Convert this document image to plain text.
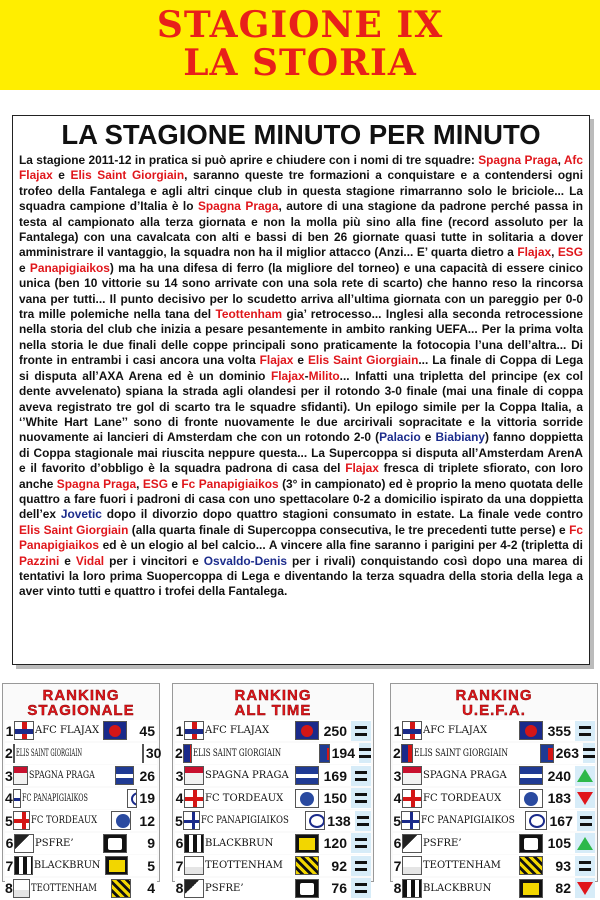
STAGIONE IX
LA STORIA
LA STAGIONE MINUTO PER MINUTO
La stagione 2011-12 in pratica si può aprire e chiudere con i nomi di tre squadre: Spagna Praga, Afc Flajax e Elis Saint Giorgiain, saranno queste tre formazioni a conquistare e a contendersi ogni trofeo della Fantalega e agli altri cinque club in questa stagione rimarranno solo le briciole... La squadra campione d’Italia è lo Spagna Praga, autore di una stagione da padrone perché passa in testa al campionato alla terza giornata e non la molla più sino alla fine (record assoluto per la Fantalega) con una cavalcata con alti e bassi di ben 26 giornate quasi tutte in solitaria a dover amministrare il vantaggio, la squadra non ha il miglior attacco (Anzi... E’ quarta dietro a Flajax, ESG e Panapigiaikos) ma ha una difesa di ferro (la migliore del torneo) e una capacità di essere cinico unica (ben 10 vittorie su 14 sono arrivate con una sola rete di scarto) che hanno reso la rincorsa vana per tutti... Il punto decisivo per lo scudetto arriva all’ultima giornata con un pareggio per 0-0 tra mille polemiche nella tana del Teottenham gia’ retrocesso... Inglesi alla seconda retrocessione nella storia del club che inizia a pesare pesantemente in ambito ranking UEFA... Per la prima volta nella storia le due finali delle coppe principali sono praticamente la fotocopia l’una dell’altra... Di fronte in entrambi i casi ancora una volta Flajax e Elis Saint Giorgiain... La finale di Coppa di Lega si disputa all’AXA Arena ed è un dominio Flajax-Milito... Infatti una tripletta del principe (ex col dente avvelenato) spiana la strada agli olandesi per il rotondo 3-0 finale (mai una finale di coppa aveva registrato tre gol di scarto tra le squadre sfidanti). Un epilogo simile per la Coppa Italia, a ‘’White Hart Lane’’ sono di fronte nuovamente le due arcirivali sopracitate e la vittoria sorride nuovamente ai lancieri di Amsterdam che con un rotondo 2-0 (Palacio e Biabiany) fanno doppietta di Coppa stagionale mai riuscita neppure questa... La Supercoppa si disputa all’Amsterdam ArenA e il favorito d’obbligo è la squadra padrona di casa del Flajax fresca di triplete sfiorato, con loro anche Spagna Praga, ESG e Fc Panapigiaikos (3° in campionato) ed è proprio la meno quotata delle quattro a fare fuori i padroni di casa con uno spettacolare 0-2 a domicilio ispirato da una doppietta dell’ex Jovetic dopo il divorzio dopo quattro stagioni consumato in estate. La finale vede contro Elis Saint Giorgiain (alla quarta finale di Supercoppa consecutiva, le tre precedenti tutte perse) e Fc Panapigiaikos ed è un elogio al bel calcio... A vincere alla fine saranno i parigini per 4-2 (tripletta di Pazzini e Vidal per i vincitori e Osvaldo-Denis per i rivali) conquistando così dopo una marea di tentativi la loro prima Suopercoppa di Lega e diventando la terza squadra della storia della lega a aver vinto tutti e quattro i trofei della Fantalega.
RANKING
STAGIONALE
1 AFC FLAJAX	45
2 ELIS SAINT GIORGIAIN	30
3 SPAGNA PRAGA	26
4 FC PANAPIGIAIKOS	19
5 FC TORDEAUX	12
6 PSFRE’	9
7 BLACKBRUN	5
8 TEOTTENHAM	4
RANKING
ALL TIME
1 AFC FLAJAX	250
2 ELIS SAINT GIORGIAIN	194
3 SPAGNA PRAGA	169
4 FC TORDEAUX	150
5 FC PANAPIGIAIKOS	138
6 BLACKBRUN	120
7 TEOTTENHAM	92
8 PSFRE’	76
RANKING
U.E.F.A.
1 AFC FLAJAX	355
2 ELIS SAINT GIORGIAIN	263
3 SPAGNA PRAGA	240
4 FC TORDEAUX	183
5 FC PANAPIGIAIKOS	167
6 PSFRE’	105
7 TEOTTENHAM	93
8 BLACKBRUN	82
